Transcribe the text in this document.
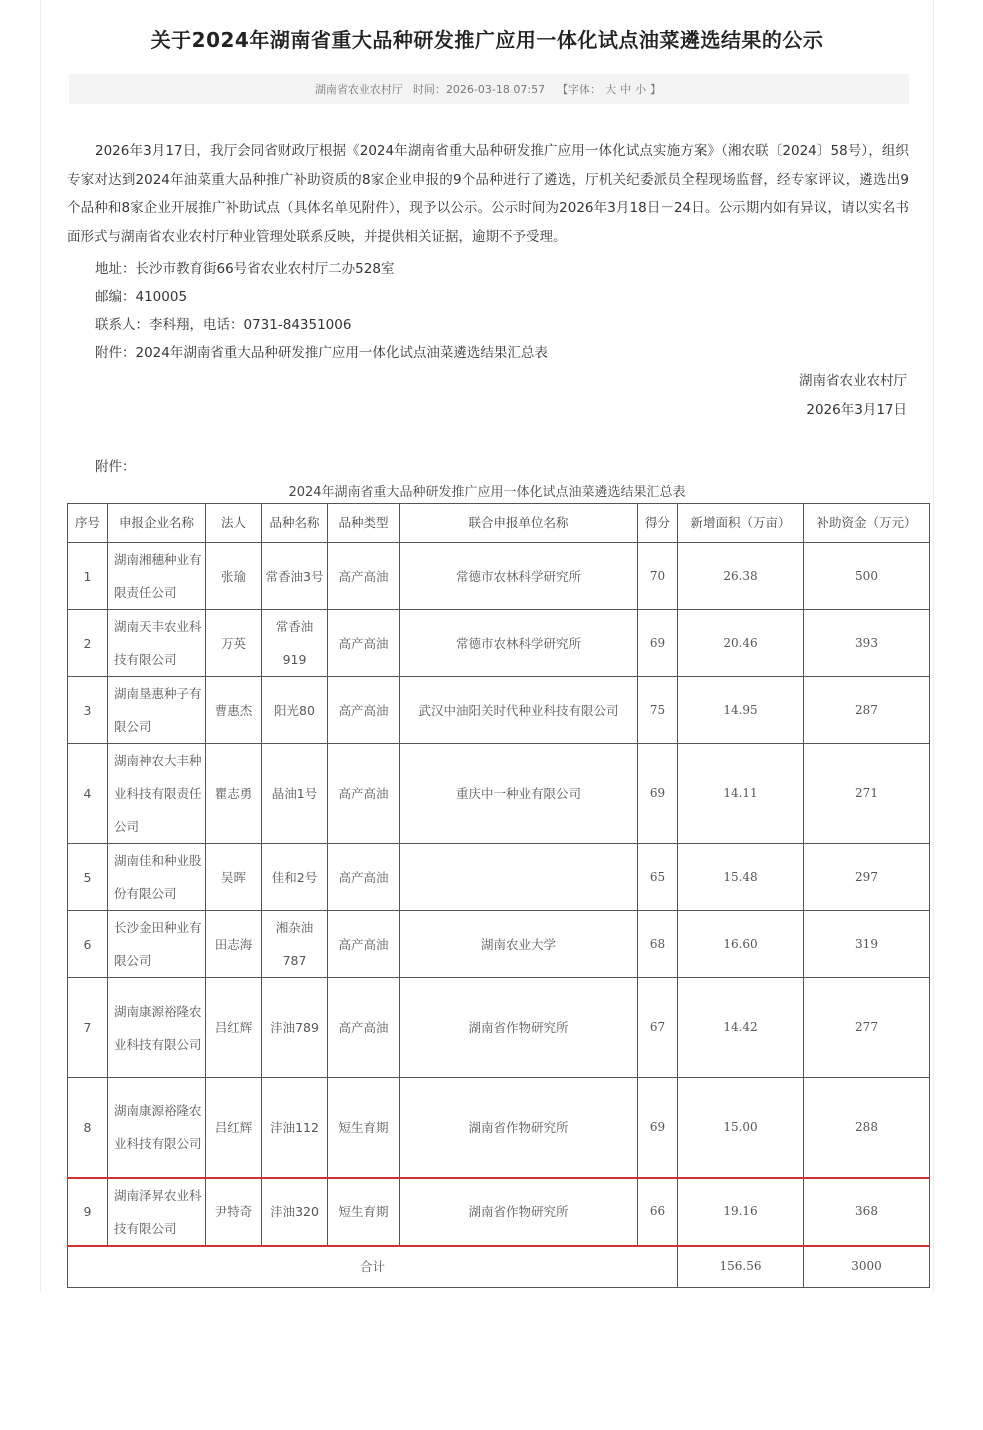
关于2024年湖南省重大品种研发推广应用一体化试点油菜遴选结果的公示
湖南省农业农村厅 时间：2026-03-18 07:57 【字体： 大 中 小 】
2026年3月17日，我厅会同省财政厅根据《2024年湖南省重大品种研发推广应用一体化试点实施方案》（湘农联〔2024〕58号），组织专家对达到2024年油菜重大品种推广补助资质的8家企业申报的9个品种进行了遴选，厅机关纪委派员全程现场监督，经专家评议，遴选出9个品种和8家企业开展推广补助试点（具体名单见附件），现予以公示。公示时间为2026年3月18日－24日。公示期内如有异议，请以实名书面形式与湖南省农业农村厅种业管理处联系反映，并提供相关证据，逾期不予受理。
地址：长沙市教育街66号省农业农村厅二办528室
邮编：410005
联系人：李科翔，电话：0731-84351006
附件：2024年湖南省重大品种研发推广应用一体化试点油菜遴选结果汇总表
湖南省农业农村厅
2026年3月17日
附件：
2024年湖南省重大品种研发推广应用一体化试点油菜遴选结果汇总表
序号	申报企业名称	法人	品种名称	品种类型	联合申报单位名称	得分	新增面积（万亩）	补助资金（万元）
1	湖南湘穗种业有限责任公司	张瑜	常香油3号	高产高油	常德市农林科学研究所	70	26.38	500
2	湖南天丰农业科技有限公司	万英	常香油919	高产高油	常德市农林科学研究所	69	20.46	393
3	湖南垦惠种子有限公司	曹惠杰	阳光80	高产高油	武汉中油阳关时代种业科技有限公司	75	14.95	287
4	湖南神农大丰种业科技有限责任公司	瞿志勇	晶油1号	高产高油	重庆中一种业有限公司	69	14.11	271
5	湖南佳和种业股份有限公司	吴晖	佳和2号	高产高油		65	15.48	297
6	长沙金田种业有限公司	田志海	湘杂油787	高产高油	湖南农业大学	68	16.60	319
7	湖南康源裕隆农业科技有限公司	吕红辉	沣油789	高产高油	湖南省作物研究所	67	14.42	277
8	湖南康源裕隆农业科技有限公司	吕红辉	沣油112	短生育期	湖南省作物研究所	69	15.00	288
9	湖南泽昇农业科技有限公司	尹特奇	沣油320	短生育期	湖南省作物研究所	66	19.16	368
合计							156.56	3000
